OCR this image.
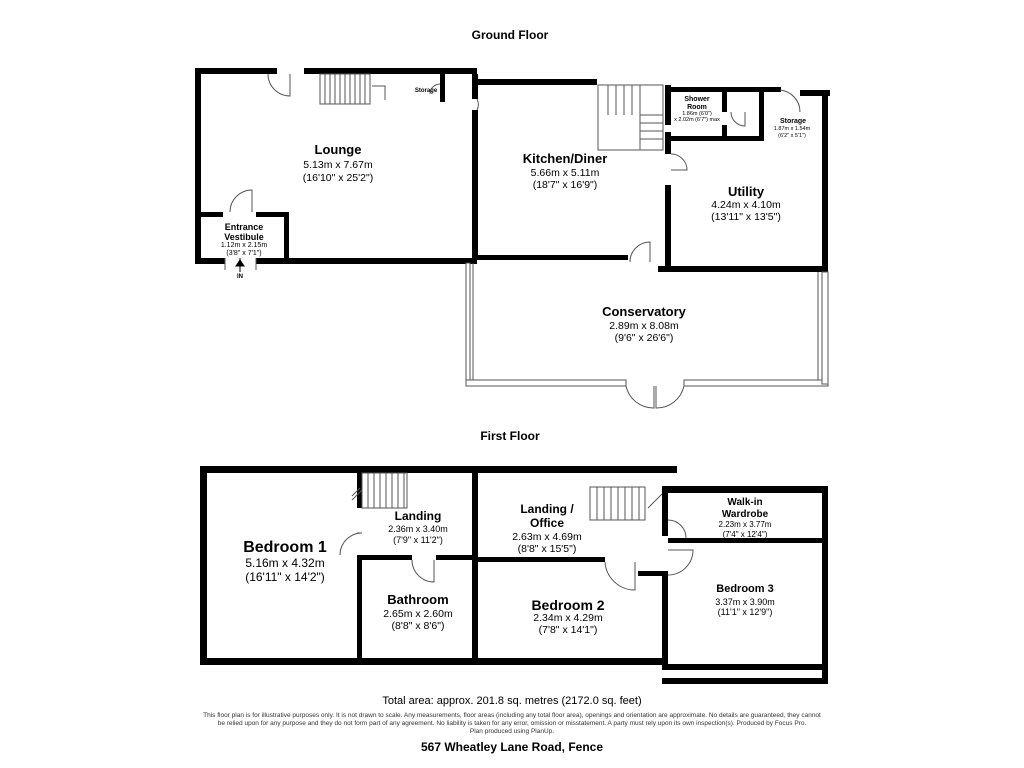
Ground Floor
Lounge
5.13m x 7.67m
(16'10" x 25'2")
Storage
Entrance
Vestibule
1.12m x 2.15m
(3'8" x 7'1")
IN
Kitchen/Diner
5.66m x 5.11m
(18'7" x 16'9")
Shower
Room
1.86m (6'0")
x 2.02m (6'7") max	Storage
1.87m x 1.54m
(6'2" x 5'1")
Utility
4.24m x 4.10m
(13'11" x 13'5")
Conservatory
2.89m x 8.08m
(9'6" x 26'6")
First Floor
Bedroom 1
5.16m x 4.32m
(16'11" x 14'2")
Landing
2.36m x 3.40m
(7'9" x 11'2")
Bathroom
2.65m x 2.60m
(8'8" x 8'6")
Landing /
Office
2.63m x 4.69m
(8'8" x 15'5")
Bedroom 2
2.34m x 4.29m
(7'8" x 14'1")
Walk-in
Wardrobe
2.23m x 3.77m
(7'4" x 12'4")
Bedroom 3
3.37m x 3.90m
(11'1" x 12'9")
Total area: approx. 201.8 sq. metres (2172.0 sq. feet)
This floor plan is for illustrative purposes only. It is not drawn to scale. Any measurements, floor areas (including any total floor area), openings and orientation are approximate. No details are guaranteed, they cannot
be relied upon for any purpose and they do not form part of any agreement. No liability is taken for any error, omission or misstatement. A party must rely upon its own inspection(s). Produced by Focus Pro.
Plan produced using PlanUp.
567 Wheatley Lane Road, Fence
